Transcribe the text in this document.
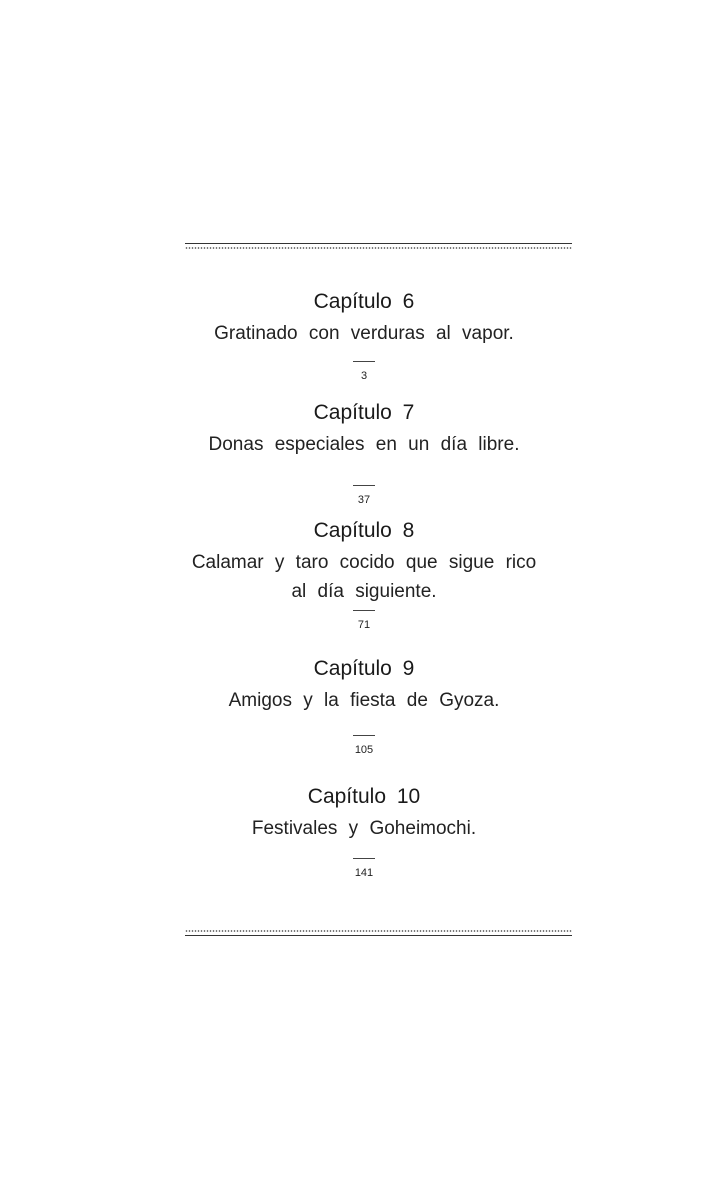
Capítulo 6
Gratinado con verduras al vapor.
3
Capítulo 7
Donas especiales en un día libre.
37
Capítulo 8
Calamar y taro cocido que sigue rico
al día siguiente.
71
Capítulo 9
Amigos y la fiesta de Gyoza.
105
Capítulo 10
Festivales y Goheimochi.
141
